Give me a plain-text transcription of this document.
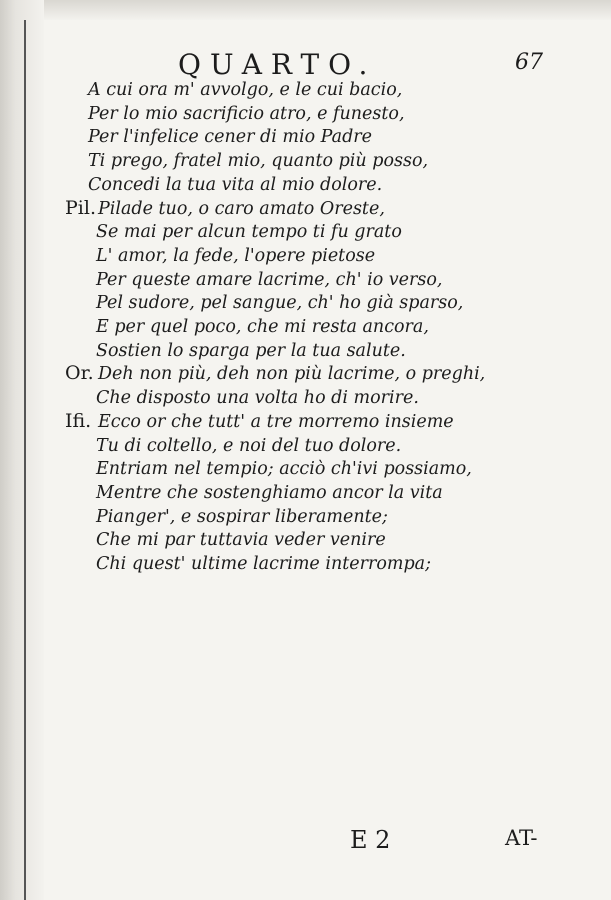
QUARTO.	67
A cui ora m' avvolgo, e le cui bacio,
Per lo mio sacrificio atro, e funesto,
Per l'infelice cener di mio Padre
Ti prego, fratel mio, quanto più posso,
Concedi la tua vita al mio dolore.
Pil. Pilade tuo, o caro amato Oreste,
Se mai per alcun tempo ti fu grato
L' amor, la fede, l'opere pietose
Per queste amare lacrime, ch' io verso,
Pel sudore, pel sangue, ch' ho già sparso,
E per quel poco, che mi resta ancora,
Sostien lo sparga per la tua salute.
Or. Deh non più, deh non più lacrime, o preghi,
Che disposto una volta ho di morire.
Ifi. Ecco or che tutt' a tre morremo insieme
Tu di coltello, e noi del tuo dolore.
Entriam nel tempio; acciò ch'ivi possiamo,
Mentre che sostenghiamo ancor la vita
Pianger', e sospirar liberamente;
Che mi par tuttavia veder venire
Chi quest' ultime lacrime interrompa;
E 2	AT-
